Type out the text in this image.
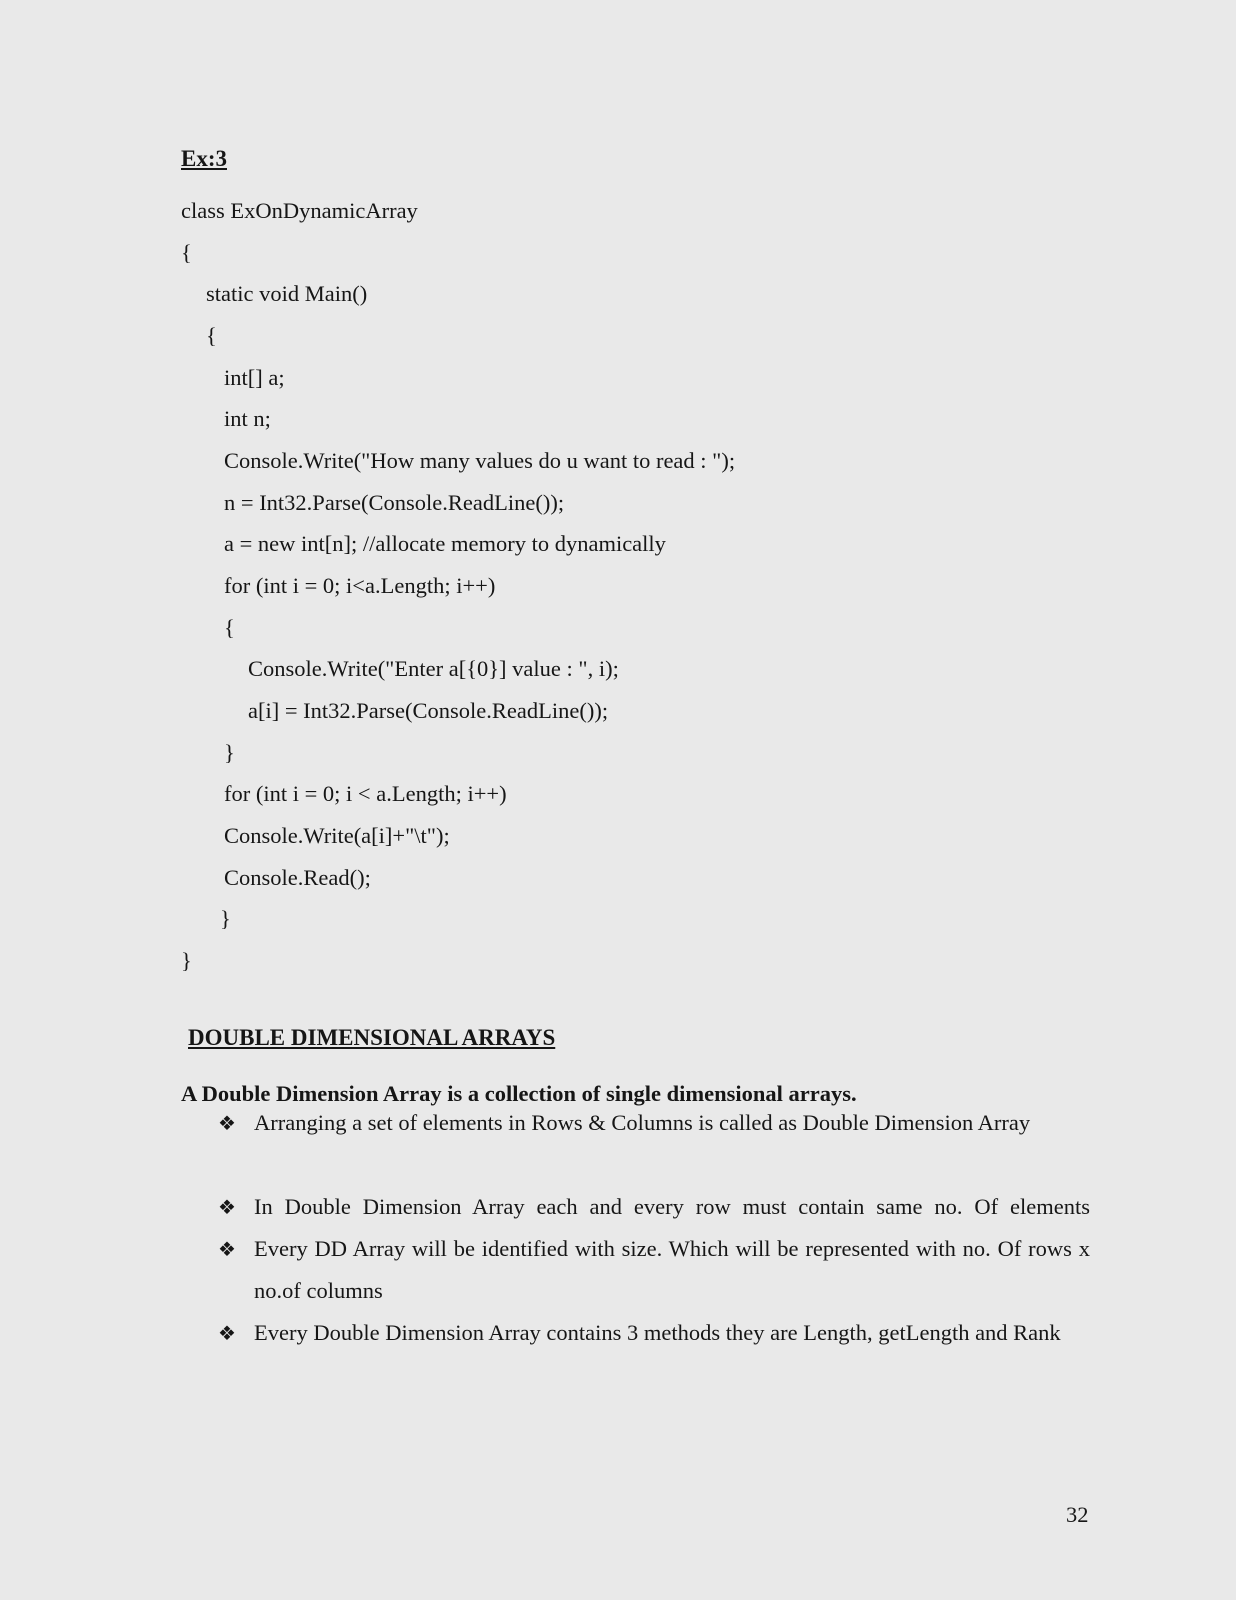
Ex:3
class ExOnDynamicArray
{
static void Main()
{
int[] a;
int n;
Console.Write("How many values do u want to read : ");
n = Int32.Parse(Console.ReadLine());
a = new int[n]; //allocate memory to dynamically
for (int i = 0; i<a.Length; i++)
{
Console.Write("Enter a[{0}] value : ", i);
a[i] = Int32.Parse(Console.ReadLine());
}
for (int i = 0; i < a.Length; i++)
Console.Write(a[i]+"\t");
Console.Read();
}
}
DOUBLE DIMENSIONAL ARRAYS

A Double Dimension Array is a collection of single dimensional arrays.

❖ Arranging a set of elements in Rows & Columns is called as Double Dimension Array
❖ In Double Dimension Array each and every row must contain same no. Of elements
❖ Every DD Array will be identified with size. Which will be represented with no. Of rows x no.of columns
❖ Every Double Dimension Array contains 3 methods they are Length, getLength and Rank

32
